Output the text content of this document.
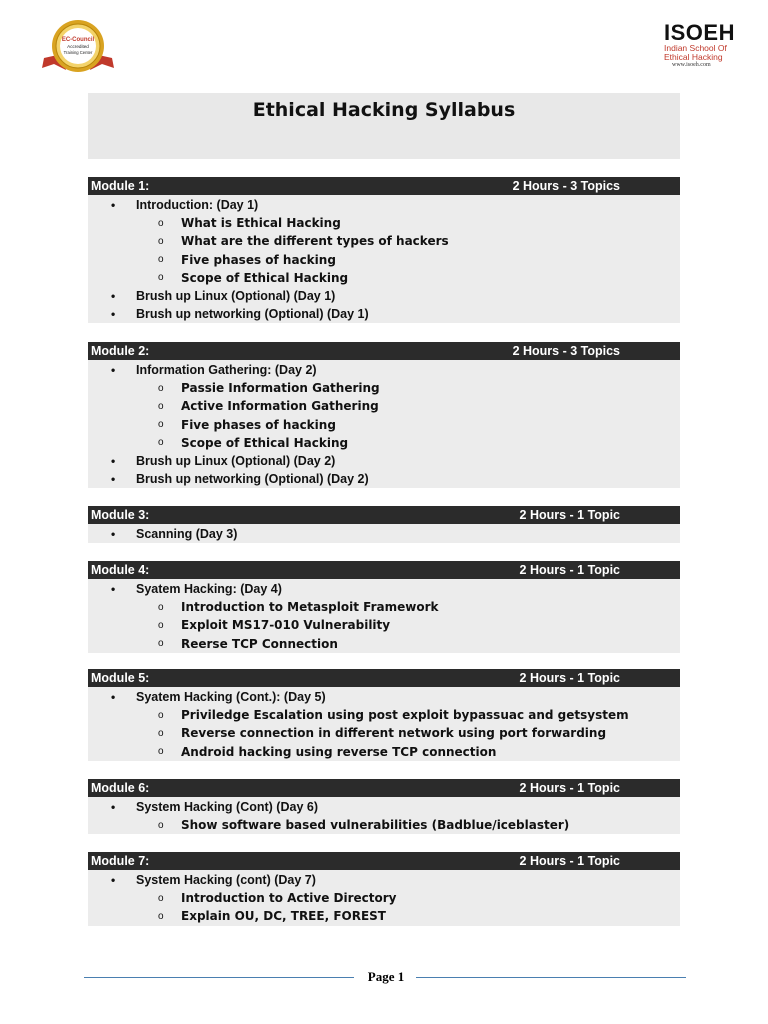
EC-Council
Accredited
Training Center
ISOEH
Indian School Of
Ethical Hacking
www.isoeh.com
Ethical Hacking Syllabus
Module 1:	2 Hours - 3 Topics
•	Introduction: (Day 1)
o	What is Ethical Hacking
o	What are the different types of hackers
o	Five phases of hacking
o	Scope of Ethical Hacking
•	Brush up Linux (Optional) (Day 1)
•	Brush up networking (Optional) (Day 1)
Module 2:	2 Hours - 3 Topics
•	Information Gathering: (Day 2)
o	Passie Information Gathering
o	Active Information Gathering
o	Five phases of hacking
o	Scope of Ethical Hacking
•	Brush up Linux (Optional) (Day 2)
•	Brush up networking (Optional) (Day 2)
Module 3:	2 Hours - 1 Topic
•	Scanning (Day 3)
Module 4:	2 Hours - 1 Topic
•	Syatem Hacking: (Day 4)
o	Introduction to Metasploit Framework
o	Exploit MS17-010 Vulnerability
o	Reerse TCP Connection
Module 5:	2 Hours - 1 Topic
•	Syatem Hacking (Cont.): (Day 5)
o	Priviledge Escalation using post exploit bypassuac and getsystem
o	Reverse connection in different network using port forwarding
o	Android hacking using reverse TCP connection
Module 6:	2 Hours - 1 Topic
•	System Hacking (Cont) (Day 6)
o	Show software based vulnerabilities (Badblue/iceblaster)
Module 7:	2 Hours - 1 Topic
•	System Hacking (cont) (Day 7)
o	Introduction to Active Directory
o	Explain OU, DC, TREE, FOREST
Page 1
